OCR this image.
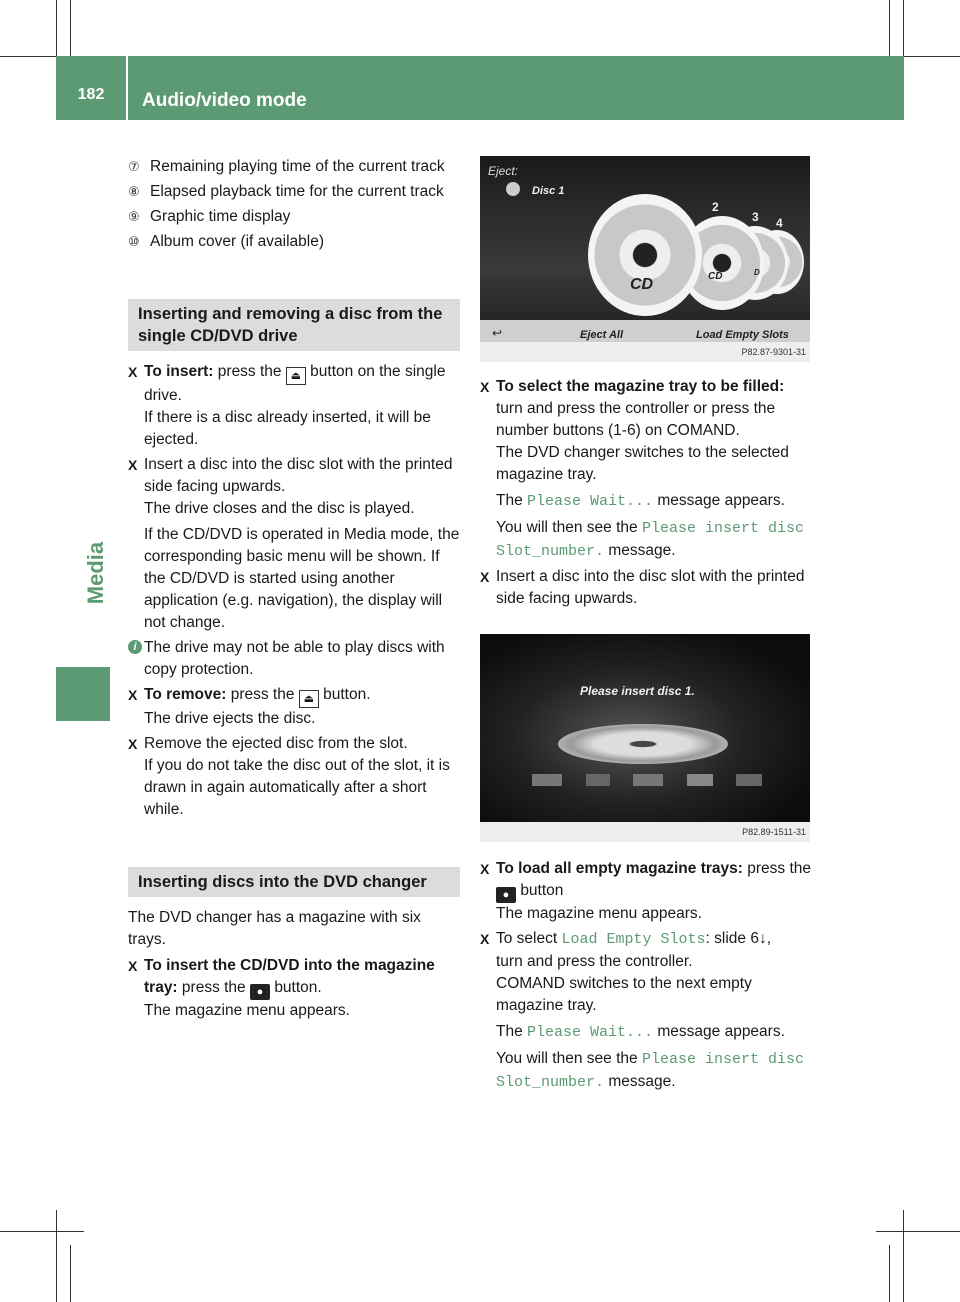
182	Audio/video mode
Media
⑦ Remaining playing time of the current track
⑧ Elapsed playback time for the current track
⑨ Graphic time display
⑩ Album cover (if available)
Inserting and removing a disc from the single CD/DVD drive
X To insert: press the ⏏ button on the single drive.

If there is a disc already inserted, it will be ejected.

X Insert a disc into the disc slot with the printed side facing upwards.

The drive closes and the disc is played.

If the CD/DVD is operated in Media mode, the corresponding basic menu will be shown. If the CD/DVD is started using another application (e.g. navigation), the display will not change.

i The drive may not be able to play discs with copy protection.

X To remove: press the ⏏ button.

The drive ejects the disc.

X Remove the ejected disc from the slot.

If you do not take the disc out of the slot, it is drawn in again automatically after a short while.

Inserting discs into the DVD changer

The DVD changer has a magazine with six trays.

X To insert the CD/DVD into the magazine tray: press the ● button.

The magazine menu appears.

Eject:
Disc 1
2
3 4
CD	CD	D
↩	Eject All	Load Empty Slots
P82.87-9301-31
X To select the magazine tray to be filled: turn and press the controller or press the number buttons (1-6) on COMAND.

The DVD changer switches to the selected magazine tray.

The Please Wait... message appears.

You will then see the Please insert disc Slot_number. message.

X Insert a disc into the disc slot with the printed side facing upwards.

Please insert disc 1.
P82.89-1511-31
X To load all empty magazine trays: press the ● button

The magazine menu appears.

X To select Load Empty Slots: slide 6↓,

turn and press the controller.

COMAND switches to the next empty magazine tray.

The Please Wait... message appears.

You will then see the Please insert disc Slot_number. message.
